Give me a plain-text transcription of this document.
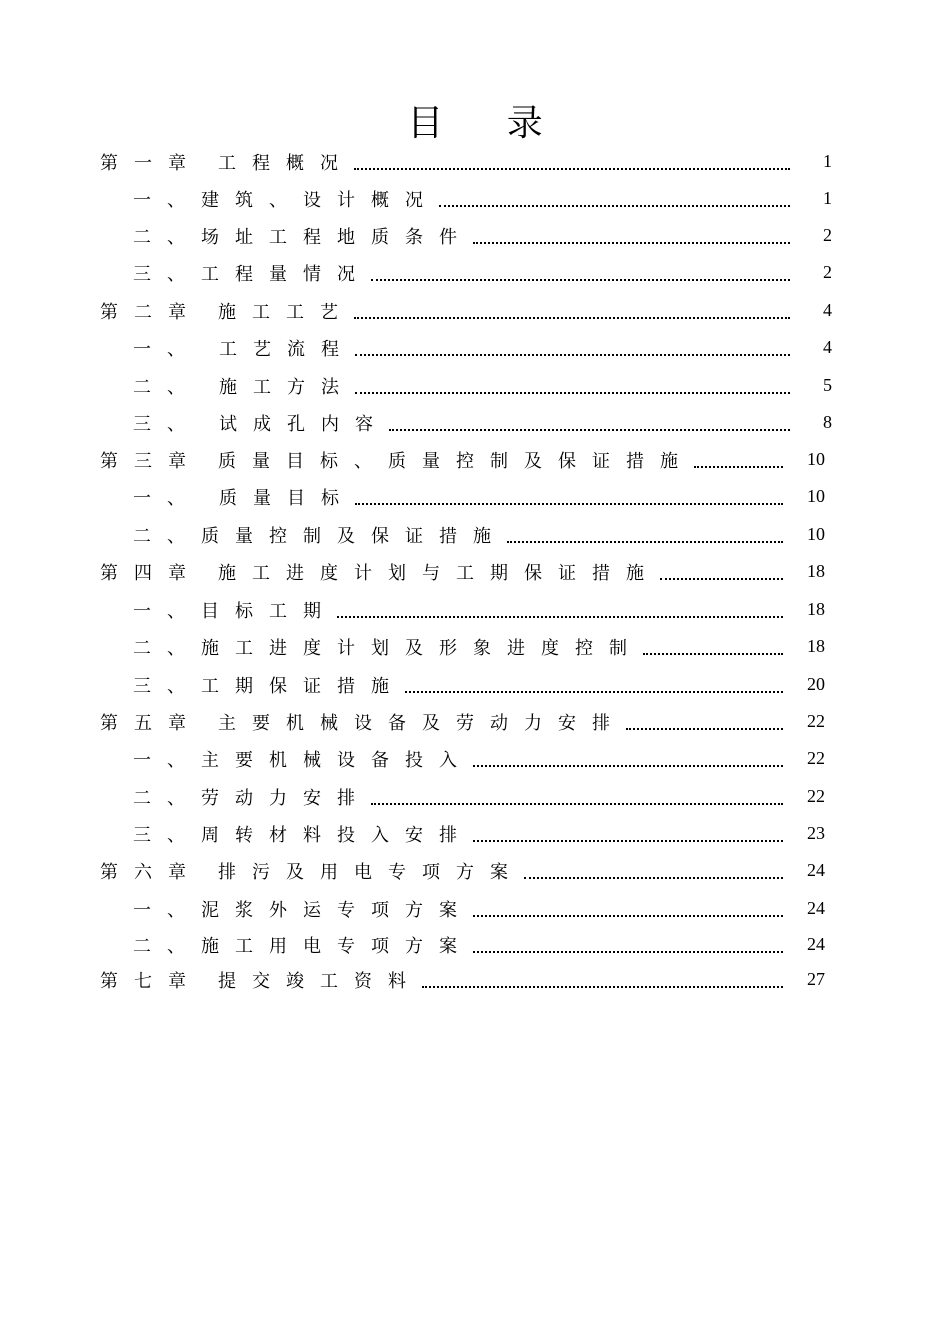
目 录
第一章 工程概况	1
一、 建筑、设计概况	1
二、 场址工程地质条件	2
三、 工程量情况	2
第二章 施工工艺	4
一、 工艺流程	4
二、 施工方法	5
三、 试成孔内容	8
第三章 质量目标、质量控制及保证措施	10
一、 质量目标	10
二、 质量控制及保证措施	10
第四章 施工进度计划与工期保证措施	18
一、 目标工期	18
二、 施工进度计划及形象进度控制	18
三、 工期保证措施	20
第五章 主要机械设备及劳动力安排	22
一、 主要机械设备投入	22
二、 劳动力安排	22
三、 周转材料投入安排	23
第六章 排污及用电专项方案	24
一、 泥浆外运专项方案	24
二、 施工用电专项方案	24
第七章 提交竣工资料	27
